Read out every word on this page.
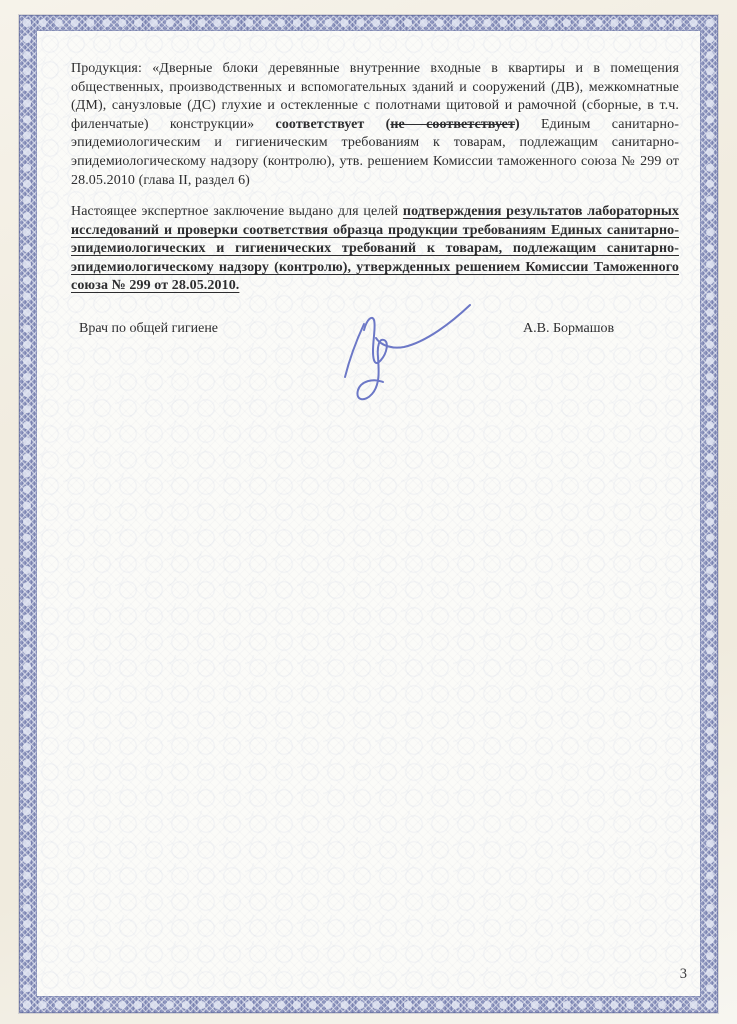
Продукция: «Дверные блоки деревянные внутренние входные в квартиры и в помещения общественных, производственных и вспомогательных зданий и сооружений (ДВ), межкомнатные (ДМ), санузловые (ДС) глухие и остекленные с полотнами щитовой и рамочной (сборные, в т.ч. филенчатые) конструкции» соответствует (не соответствует) Единым санитарно-эпидемиологическим и гигиеническим требованиям к товарам, подлежащим санитарно-эпидемиологическому надзору (контролю), утв. решением Комиссии таможенного союза № 299 от 28.05.2010 (глава II, раздел 6)

Настоящее экспертное заключение выдано для целей подтверждения результатов лабораторных исследований и проверки соответствия образца продукции требованиям Единых санитарно-эпидемиологических и гигиенических требований к товарам, подлежащим санитарно-эпидемиологическому надзору (контролю), утвержденных решением Комиссии Таможенного союза № 299 от 28.05.2010.

Врач по общей гигиене	А.В. Бормашов
3
